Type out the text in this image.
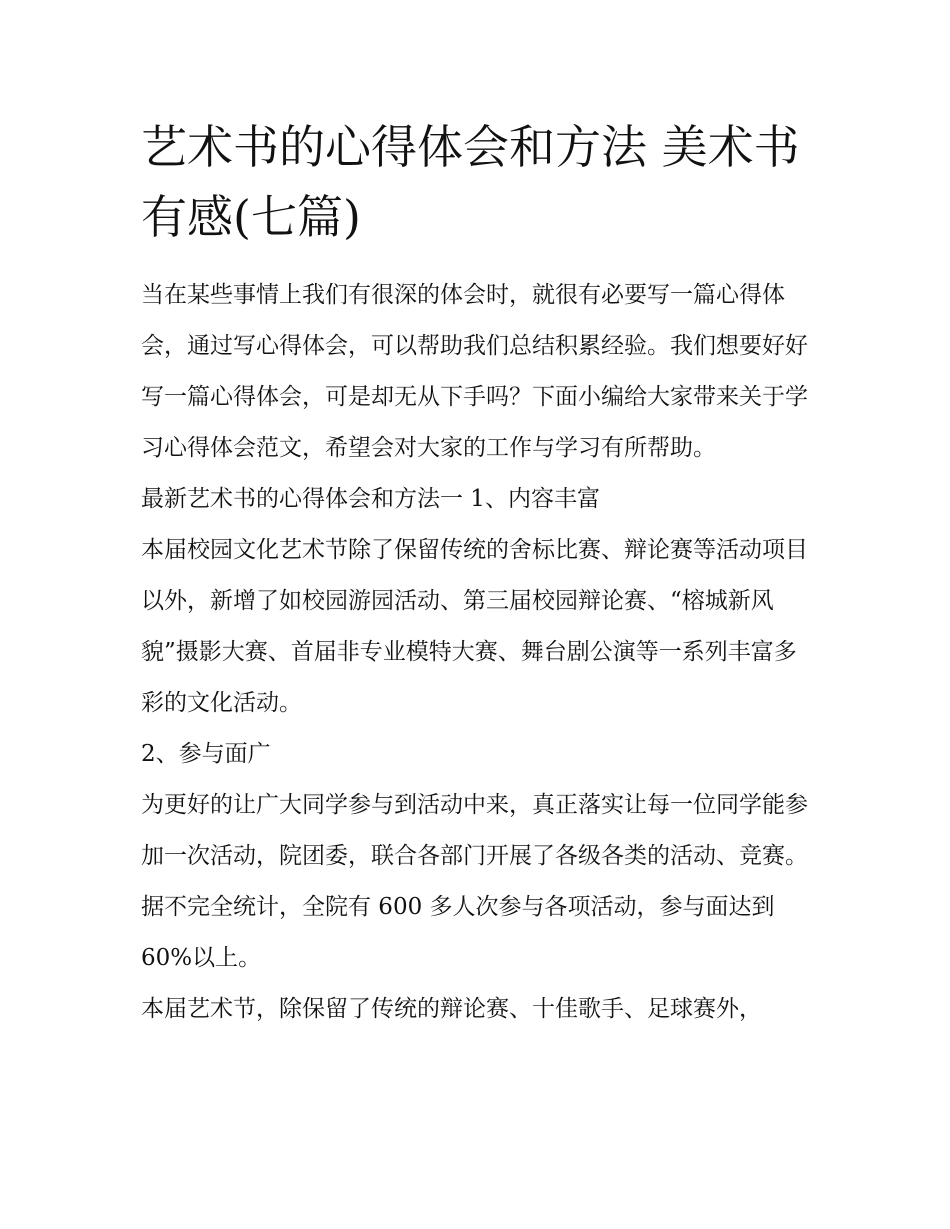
艺术书的心得体会和方法 美术书有感(七篇)

当在某些事情上我们有很深的体会时，就很有必要写一篇心得体会，通过写心得体会，可以帮助我们总结积累经验。我们想要好好写一篇心得体会，可是却无从下手吗？下面小编给大家带来关于学习心得体会范文，希望会对大家的工作与学习有所帮助。

最新艺术书的心得体会和方法一 1、内容丰富

本届校园文化艺术节除了保留传统的舍标比赛、辩论赛等活动项目以外，新增了如校园游园活动、第三届校园辩论赛、“榕城新风貌”摄影大赛、首届非专业模特大赛、舞台剧公演等一系列丰富多彩的文化活动。

2、参与面广

为更好的让广大同学参与到活动中来，真正落实让每一位同学能参加一次活动，院团委，联合各部门开展了各级各类的活动、竞赛。据不完全统计，全院有 600 多人次参与各项活动，参与面达到 60%以上。

本届艺术节，除保留了传统的辩论赛、十佳歌手、足球赛外，
